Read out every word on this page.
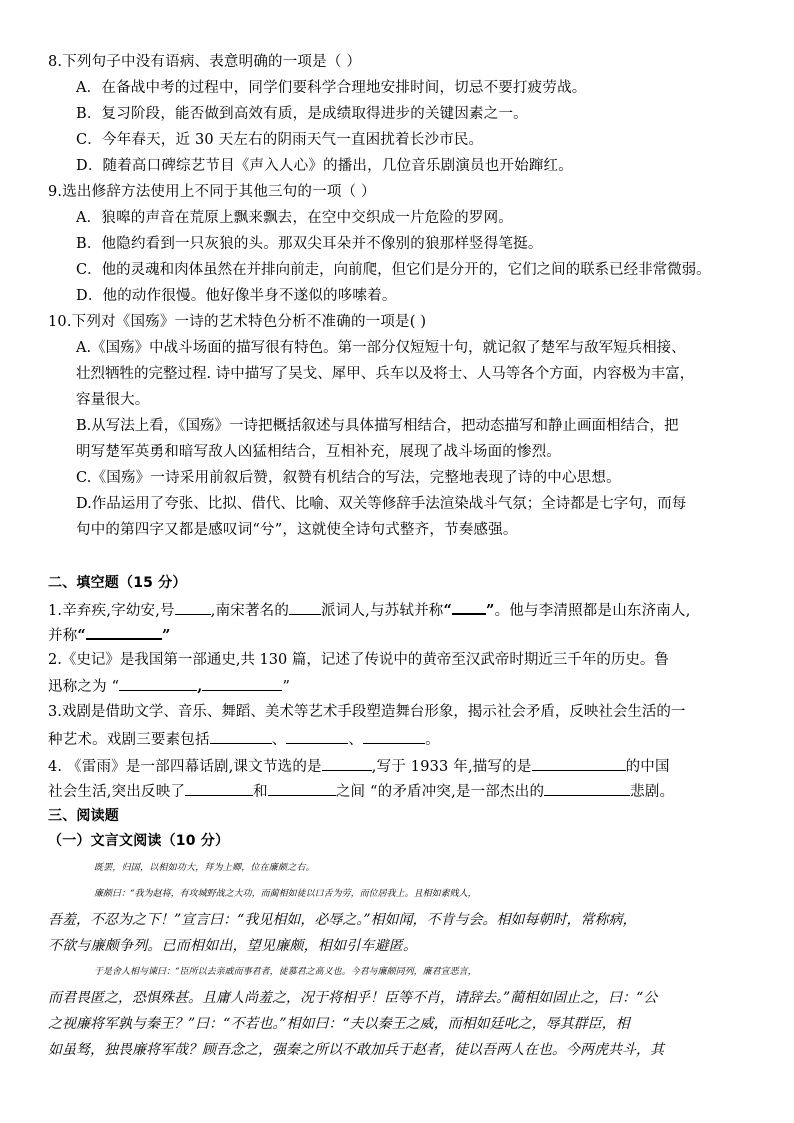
8.下列句子中没有语病、表意明确的一项是（ ）
A．在备战中考的过程中，同学们要科学合理地安排时间，切忌不要打疲劳战。
B．复习阶段，能否做到高效有质，是成绩取得进步的关键因素之一。
C．今年春天，近 30 天左右的阴雨天气一直困扰着长沙市民。
D．随着高口碑综艺节目《声入人心》的播出，几位音乐剧演员也开始蹿红。
9.选出修辞方法使用上不同于其他三句的一项（ ）
A．狼嗥的声音在荒原上飘来飘去，在空中交织成一片危险的罗网。
B．他隐约看到一只灰狼的头。那双尖耳朵并不像别的狼那样竖得笔挺。
C．他的灵魂和肉体虽然在并排向前走，向前爬，但它们是分开的，它们之间的联系已经非常微弱。
D．他的动作很慢。他好像半身不遂似的哆嗦着。
10.下列对《国殇》一诗的艺术特色分析不准确的一项是( )
A.《国殇》中战斗场面的描写很有特色。第一部分仅短短十句，就记叙了楚军与敌军短兵相接、
壮烈牺牲的完整过程. 诗中描写了吴戈、犀甲、兵车以及将士、人马等各个方面，内容极为丰富，
容量很大。
B.从写法上看，《国殇》一诗把概括叙述与具体描写相结合，把动态描写和静止画面相结合，把
明写楚军英勇和暗写敌人凶猛相结合，互相补充，展现了战斗场面的惨烈。
C.《国殇》一诗采用前叙后赞，叙赞有机结合的写法，完整地表现了诗的中心思想。
D.作品运用了夸张、比拟、借代、比喻、双关等修辞手法渲染战斗气氛；全诗都是七字句，而每
句中的第四字又都是感叹词“兮”，这就使全诗句式整齐，节奏感强。
二、填空题（15 分）
1.辛弃疾,字幼安,号 ,南宋著名的 派词人,与苏轼并称“ ”。他与李清照都是山东济南人,
并称“	”
2.《史记》是我国第一部通史,共 130 篇，记述了传说中的黄帝至汉武帝时期近三千年的历史。鲁
迅称之为 “	,	”
3.戏剧是借助文学、音乐、舞蹈、美术等艺术手段塑造舞台形象，揭示社会矛盾，反映社会生活的一
种艺术。戏剧三要素包括	、	、	。
4. 《雷雨》是一部四幕话剧,课文节选的是	,写于 1933 年,描写的是	的中国
社会生活,突出反映了	和	之间 “的矛盾冲突,是一部杰出的	悲剧。
三、阅读题
（一）文言文阅读（10 分）
既罢，归国，以相如功大，拜为上卿，位在廉颇之右。
廉颇曰：“我为赵将，有攻城野战之大功，而蔺相如徒以口舌为劳，而位居我上。且相如素贱人，
吾羞，不忍为之下！”宣言曰：“我见相如，必辱之。”相如闻，不肯与会。相如每朝时，常称病，
不欲与廉颇争列。已而相如出，望见廉颇，相如引车避匿。
于是舍人相与谏曰：“臣所以去亲戚而事君者，徒慕君之高义也。今君与廉颇同列，廉君宣恶言，
而君畏匿之，恐惧殊甚。且庸人尚羞之，况于将相乎！臣等不肖，请辞去。”蔺相如固止之，曰：“公
之视廉将军孰与秦王？”曰：“不若也。”相如曰：“夫以秦王之威，而相如廷叱之，辱其群臣，相
如虽驽，独畏廉将军哉？顾吾念之，强秦之所以不敢加兵于赵者，徒以吾两人在也。今两虎共斗，其
